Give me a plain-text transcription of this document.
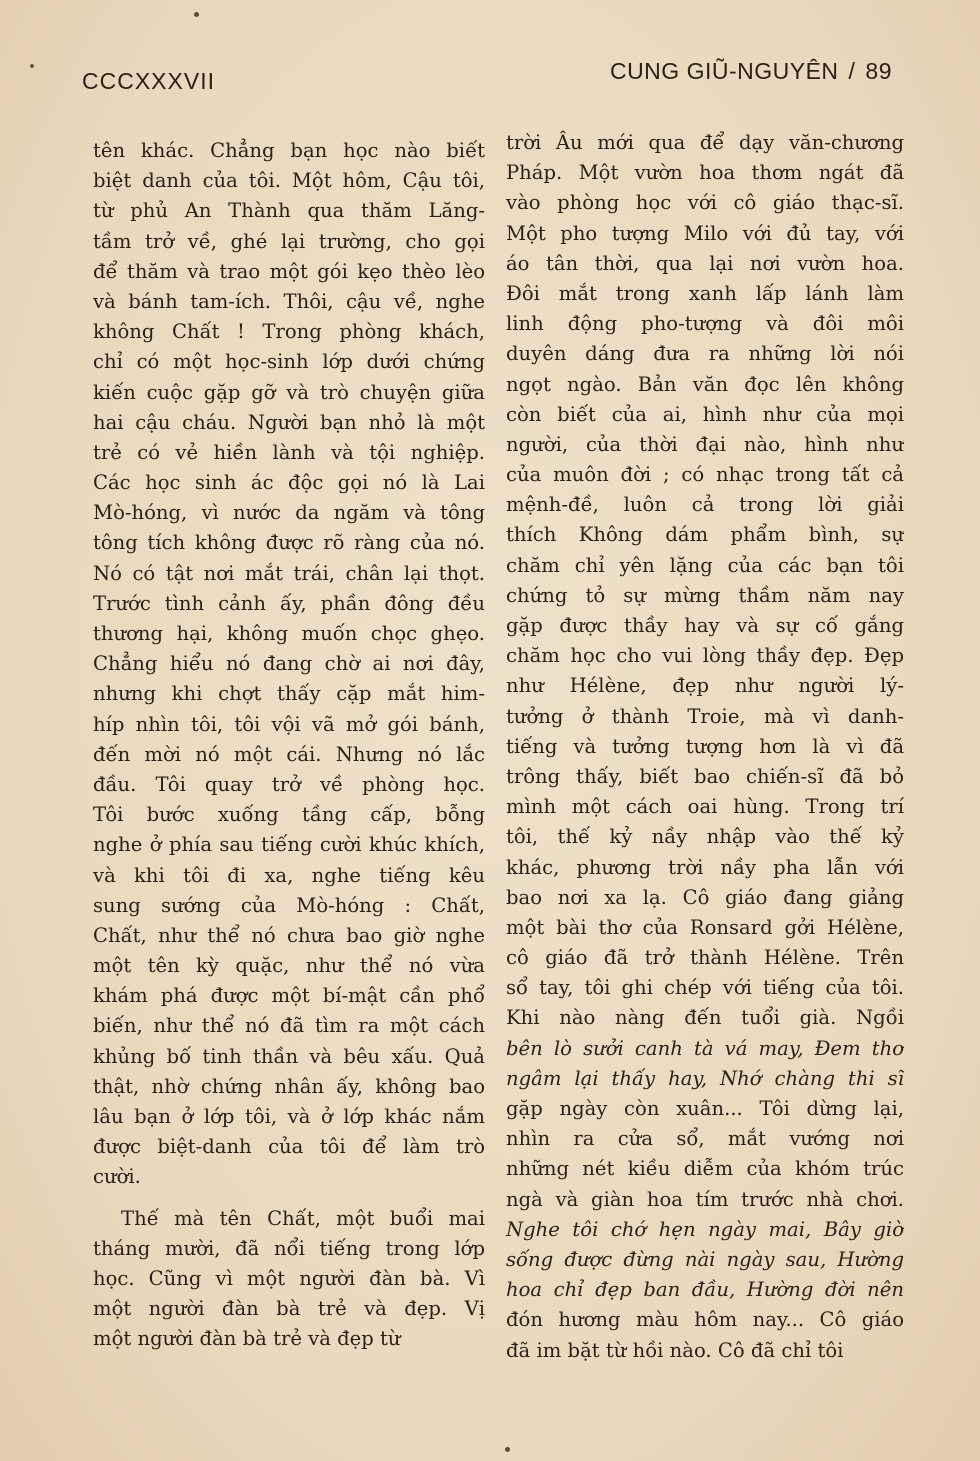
CCCXXXVII	CUNG GIŨ-NGUYÊN / 89
tên khác. Chẳng bạn học nào biết
biệt danh của tôi. Một hôm, Cậu tôi,
từ phủ An Thành qua thăm Lăng-
tầm trở về, ghé lại trường, cho gọi
để thăm và trao một gói kẹo thèo lèo
và bánh tam-ích. Thôi, cậu về, nghe
không Chất ! Trong phòng khách,
chỉ có một học-sinh lớp dưới chứng
kiến cuộc gặp gỡ và trò chuyện giữa
hai cậu cháu. Người bạn nhỏ là một
trẻ có vẻ hiền lành và tội nghiệp.
Các học sinh ác độc gọi nó là Lai
Mò-hóng, vì nước da ngăm và tông
tông tích không được rõ ràng của nó.
Nó có tật nơi mắt trái, chân lại thọt.
Trước tình cảnh ấy, phần đông đều
thương hại, không muốn chọc ghẹo.
Chẳng hiểu nó đang chờ ai nơi đây,
nhưng khi chợt thấy cặp mắt him-
híp nhìn tôi, tôi vội vã mở gói bánh,
đến mời nó một cái. Nhưng nó lắc
đầu. Tôi quay trở về phòng học.
Tôi bước xuống tầng cấp, bỗng
nghe ở phía sau tiếng cười khúc khích,
và khi tôi đi xa, nghe tiếng kêu
sung sướng của Mò-hóng : Chất,
Chất, như thể nó chưa bao giờ nghe
một tên kỳ quặc, như thể nó vừa
khám phá được một bí-mật cần phổ
biến, như thể nó đã tìm ra một cách
khủng bố tinh thần và bêu xấu. Quả
thật, nhờ chứng nhân ấy, không bao
lâu bạn ở lớp tôi, và ở lớp khác nắm
được biệt-danh của tôi để làm trò
cười.
Thế mà tên Chất, một buổi mai
tháng mười, đã nổi tiếng trong lớp
học. Cũng vì một người đàn bà. Vì
một người đàn bà trẻ và đẹp. Vị
một người đàn bà trẻ và đẹp từ
trời Âu mới qua để dạy văn-chương
Pháp. Một vườn hoa thơm ngát đã
vào phòng học với cô giáo thạc-sĩ.
Một pho tượng Milo với đủ tay, với
áo tân thời, qua lại nơi vườn hoa.
Đôi mắt trong xanh lấp lánh làm
linh động pho-tượng và đôi môi
duyên dáng đưa ra những lời nói
ngọt ngào. Bản văn đọc lên không
còn biết của ai, hình như của mọi
người, của thời đại nào, hình như
của muôn đời ; có nhạc trong tất cả
mệnh-đề, luôn cả trong lời giải
thích Không dám phẩm bình, sự
chăm chỉ yên lặng của các bạn tôi
chứng tỏ sự mừng thầm năm nay
gặp được thầy hay và sự cố gắng
chăm học cho vui lòng thầy đẹp. Đẹp
như Hélène, đẹp như người lý-
tưởng ở thành Troie, mà vì danh-
tiếng và tưởng tượng hơn là vì đã
trông thấy, biết bao chiến-sĩ đã bỏ
mình một cách oai hùng. Trong trí
tôi, thế kỷ nầy nhập vào thế kỷ
khác, phương trời nầy pha lẫn với
bao nơi xa lạ. Cô giáo đang giảng
một bài thơ của Ronsard gởi Hélène,
cô giáo đã trở thành Hélène. Trên
sổ tay, tôi ghi chép với tiếng của tôi.
Khi nào nàng đến tuổi già. Ngồi
bên lò sưởi canh tà vá may, Đem thơ
ngâm lại thấy hay, Nhớ chàng thi sĩ
gặp ngày còn xuân... Tôi dừng lại,
nhìn ra cửa sổ, mắt vướng nơi
những nét kiều diễm của khóm trúc
ngà và giàn hoa tím trước nhà chơi.
Nghe tôi chớ hẹn ngày mai, Bây giờ
sống được đừng nài ngày sau, Hường
hoa chỉ đẹp ban đầu, Hường đời nên
đón hương màu hôm nay... Cô giáo
đã im bặt từ hồi nào. Cô đã chỉ tôi
